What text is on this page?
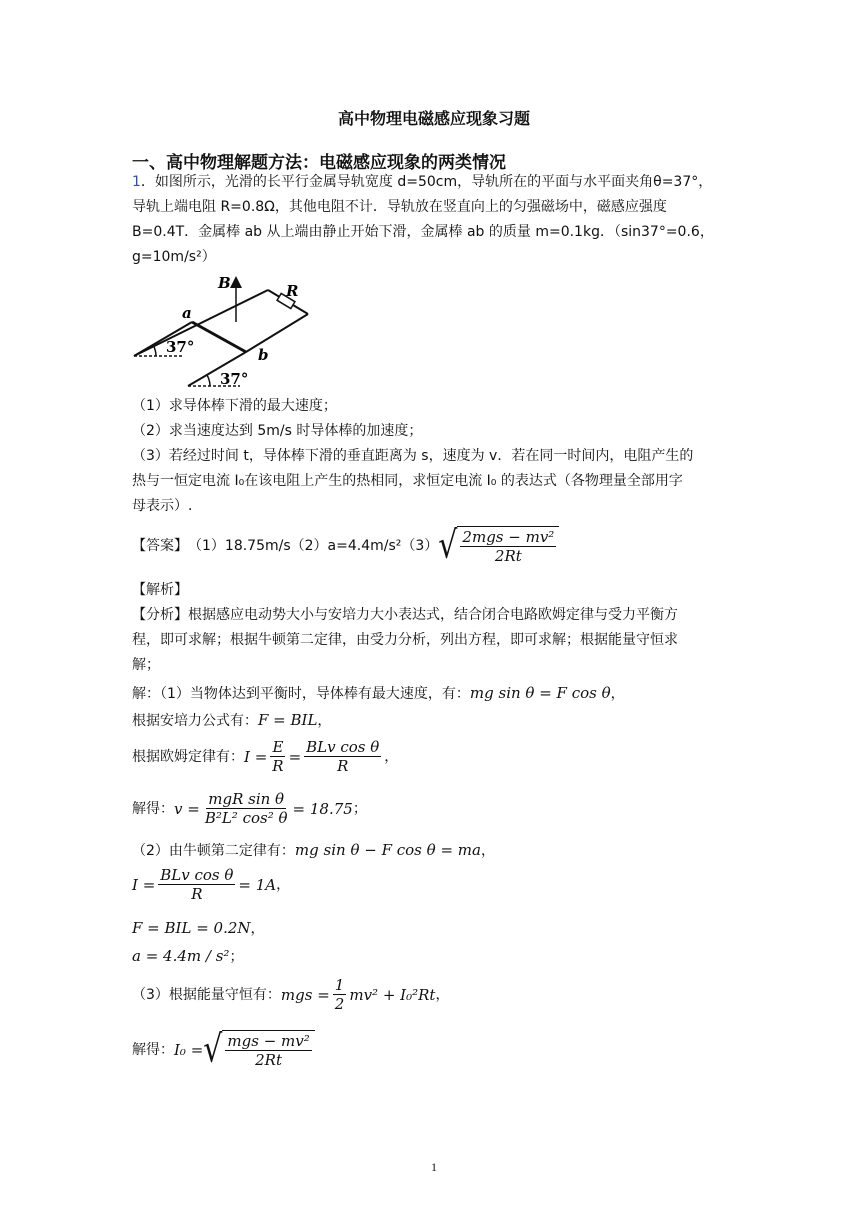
高中物理电磁感应现象习题
一、高中物理解题方法：电磁感应现象的两类情况
1．如图所示，光滑的长平行金属导轨宽度 d=50cm，导轨所在的平面与水平面夹角θ=37°，
导轨上端电阻 R=0.8Ω，其他电阻不计．导轨放在竖直向上的匀强磁场中，磁感应强度
B=0.4T．金属棒 ab 从上端由静止开始下滑，金属棒 ab 的质量 m=0.1kg．（sin37°=0.6，
g=10m/s²）
B	R
a
b
37°
37°
（1）求导体棒下滑的最大速度；
（2）求当速度达到 5m/s 时导体棒的加速度；
（3）若经过时间 t，导体棒下滑的垂直距离为 s，速度为 v．若在同一时间内，电阻产生的
热与一恒定电流 I₀在该电阻上产生的热相同，求恒定电流 I₀ 的表达式（各物理量全部用字
母表示）.
【答案】 （1）18.75m/s（2）a=4.4m/s²（3） √ $\frac{\text{2mgs − mv²}}{2Rt}$
【解析】
【分析】根据感应电动势大小与安培力大小表达式，结合闭合电路欧姆定律与受力平衡方
程，即可求解；根据牛顿第二定律，由受力分析，列出方程，即可求解；根据能量守恒求
解；
解：（1）当物体达到平衡时，导体棒有最大速度，有：mg sin θ = F cos θ，
根据安培力公式有：F = BIL，
根据欧姆定律有： $I = \frac{E}{R} = \frac{\text{BLv cos θ}}{R}$ ，
解得： $v = \frac{\text{mgR sin θ}}{\text{B²L² cos² θ}} = 18.75$ ；
（2）由牛顿第二定律有：mg sin θ − F cos θ = ma，
$I = \frac{\text{BLv cos θ}}{R} = 1A$ ，
F = BIL = 0.2N，
a = 4.4m / s²；
（3）根据能量守恒有： mgs = $\frac{1}{2} mv^2 + I_0^2Rt$ ，
解得： I₀ = √ $\frac{\text{mgs − mv²}}{2Rt}$
1
